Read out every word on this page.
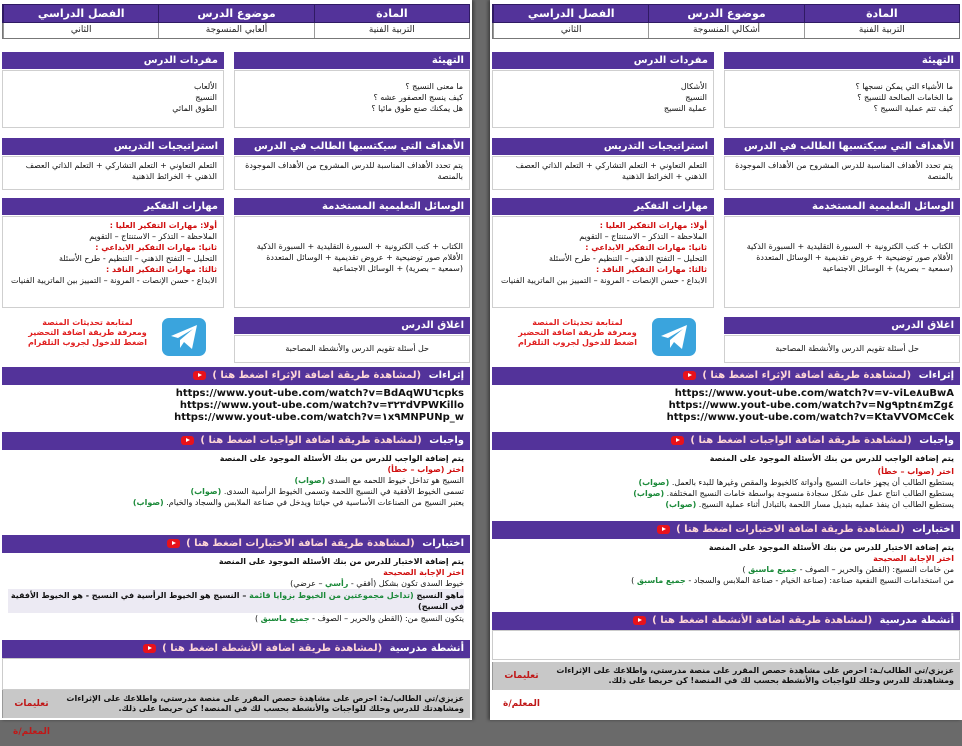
المادة
موضوع الدرس
الفصل الدراسي
التربية الفنية
ألعابي المنسوجة
الثاني
التهيئة
مفردات الدرس

ما معنى النسيج ؟

كيف ينسج العصفور عشه ؟

هل يمكنك صنع طوق مائيا ؟

الألعاب

النسيج

الطوق المائي

الأهداف التي سيكتسبها الطالب في الدرس
استراتيجيات التدريس

يتم تحدد الأهداف المناسبة للدرس المشروح من الأهداف الموجودة بالمنصة

التعلم التعاوني + التعلم التشاركي + التعلم الذاتي العصف الذهني + الخرائط الذهنية

الوسائل التعليمية المستخدمة
مهارات التفكير

الكتاب + كتب الكترونية + السبورة التقليدية + السبورة الذكية الأقلام صور توضيحية + عروض تقديمية + الوسائل المتعددة (سمعية – بصرية) + الوسائل الاجتماعية

أولا: مهارات التفكير العليا :

الملاحظة – التذكر – الاستنتاج – التقويم

ثانيا: مهارات التفكير الابداعي :

التحليل – التفتح الذهني – التنظيم - طرح الأسئلة

ثالثا: مهارات التفكير الناقد :

الابداع - حسن الإنصات - المرونة – التمييز بين الماتريية الفنيات

اغلاق الدرس

حل أسئلة تقويم الدرس والأنشطة المصاحبة

لمتابعة تحديثات المنصة

ومعرفة طريقة اضافة التحضير

اضغط للدخول لجروب التلقرام

إثراءات (لمشاهدة طريقة اضافة الإثراء اضغط هنا )

https://www.yout-ube.com/watch?v=BdAqWU٦cpks

https://www.yout-ube.com/watch?v=٣٢٣dVPWKillo

https://www.yout-ube.com/watch?v=١x٩MNPUNp_w

واجبات (لمشاهدة طريقة اضافة الواجبات اضغط هنا )

يتم إضافة الواجب للدرس من بنك الأسئلة الموجود على المنصة

اختر (صواب – خطأ)

النسيج هو تداخل خيوط اللحمه مع السدى (صواب)

تسمى الخيوط الأفقية في النسيج اللحمة وتسمى الخيوط الرأسية السدى. (صواب)

يعتبر النسيج من الصناعات الأساسية في حياتنا ويدخل في صناعة الملابس والسجاد والخيام. (صواب)

اختبارات (لمشاهدة طريقة اضافة الاختبارات اضغط هنا )

يتم إضافة الاختبار للدرس من بنك الأسئلة الموجود على المنصة

اختر الإجابة الصحيحة

خيوط السدى تكون بشكل (أفقي - رأسي – عرضي)

ماهو النسيج (تداخل مجموعتين من الخيوط بزوايا قائمة – النسيج هو الخيوط الرأسية في النسيج - هو الخيوط الأفقية في النسيج)

يتكون النسيج من: (القطن والحرير – الصوف - جميع ماسبق )

أنشطة مدرسية (لمشاهدة طريقة اضافة الأنشطة اضغط هنا )
عزيزي/تي الطالب/ـة: احرص على مشاهدة حصص المقرر على منصة مدرستي، واطلاعك على الإثراءات ومشاهدتك للدرس وحلك للواجبات والأنشطة بحسب لك في المنصة! كن حريصا على ذلك.
تعليمات المعلم/ة
المادة
موضوع الدرس
الفصل الدراسي
التربية الفنية
أشكالي المنسوجة
الثاني
التهيئة
مفردات الدرس

ما الأشياء التي يمكن نسجها ؟

ما الخامات الصالحة للنسيج ؟

كيف تتم عملية النسيج ؟

الأشكال

النسيج

عملية النسيج

الأهداف التي سيكتسبها الطالب في الدرس
استراتيجيات التدريس

يتم تحدد الأهداف المناسبة للدرس المشروح من الأهداف الموجودة بالمنصة

التعلم التعاوني + التعلم التشاركي + التعلم الذاتي العصف الذهني + الخرائط الذهنية

الوسائل التعليمية المستخدمة
مهارات التفكير

الكتاب + كتب الكترونية + السبورة التقليدية + السبورة الذكية الأقلام صور توضيحية + عروض تقديمية + الوسائل المتعددة (سمعية – بصرية) + الوسائل الاجتماعية

أولا: مهارات التفكير العليا :

الملاحظة – التذكر – الاستنتاج – التقويم

ثانيا: مهارات التفكير الابداعي :

التحليل – التفتح الذهني – التنظيم - طرح الأسئلة

ثالثا: مهارات التفكير الناقد :

الابداع - حسن الإنصات - المرونة – التمييز بين الماتريية الفنيات

اغلاق الدرس

حل أسئلة تقويم الدرس والأنشطة المصاحبة

لمتابعة تحديثات المنصة

ومعرفة طريقة اضافة التحضير

اضغط للدخول لجروب التلقرام

إثراءات (لمشاهدة طريقة اضافة الإثراء اضغط هنا )

https://www.yout-ube.com/watch?v=v-viLe٨uBwA

https://www.yout-ube.com/watch?v=Ng٩ptn٤mZg٤

https://www.yout-ube.com/watch?v=KtaVVOMcCek

واجبات (لمشاهدة طريقة اضافة الواجبات اضغط هنا )

يتم إضافة الواجب للدرس من بنك الأسئلة الموجود على المنصة

اختر (صواب – خطأ)

يستطيع الطالب أن يجهز خامات النسيج وأدواتة كالخيوط والمقص وغيرها للبدء بالعمل. (صواب)

يستطيع الطالب انتاج عمل على شكل سجادة منسوجة بواسطة خامات النسيج المختلفة. (صواب)

يستطيع الطالب ان ينفذ عمليه بتبديل مسار اللحمة بالتبادل أثناء عملية النسيج. (صواب)

اختبارات (لمشاهدة طريقة اضافة الاختبارات اضغط هنا )

يتم إضافة الاختبار للدرس من بنك الأسئلة الموجود على المنصة

اختر الإجابة الصحيحة

من خامات النسيج: (القطن والحرير – الصوف - جميع ماسبق )

من استخدامات النسيج النفعية صناعة: (صناعة الخيام - صناعة الملابس والسجاد - جميع ماسبق )

أنشطة مدرسية (لمشاهدة طريقة اضافة الأنشطة اضغط هنا )
عزيزي/تي الطالب/ـة: احرص على مشاهدة حصص المقرر على منصة مدرستي، واطلاعك على الإثراءات ومشاهدتك للدرس وحلك للواجبات والأنشطة بحسب لك في المنصة! كن حريصا على ذلك.
تعليمات المعلم/ة
